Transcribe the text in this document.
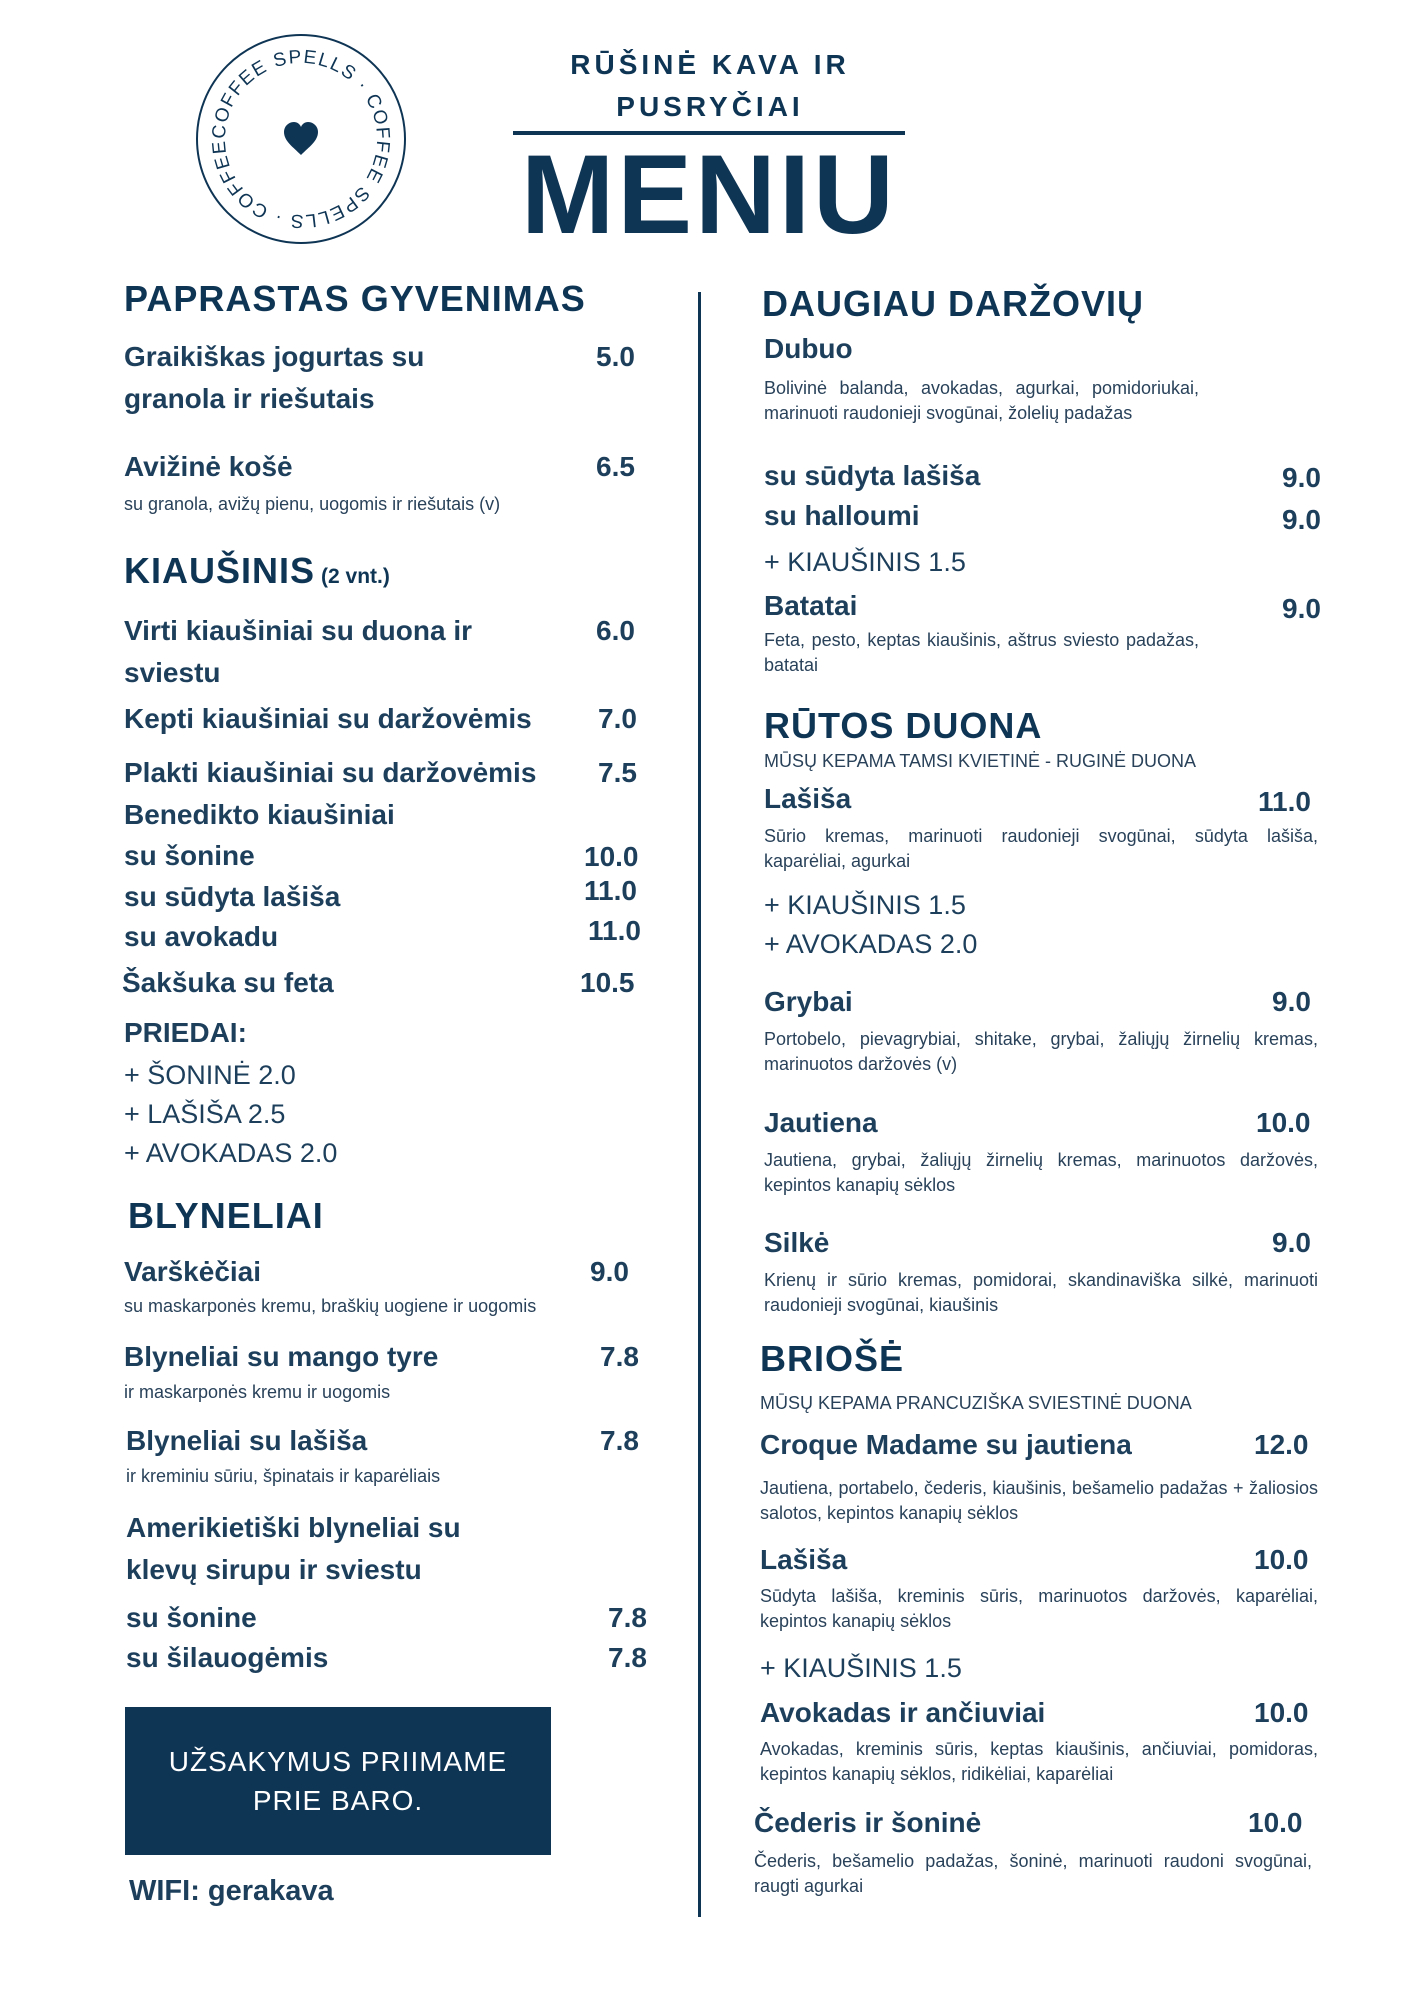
COFFEE SPELLS · COFFEE SPELLS · COFFEE
RŪŠINĖ KAVA IR
PUSRYČIAI
MENIU
PAPRASTAS GYVENIMAS
Graikiškas jogurtas su
granola ir riešutais
5.0
Avižinė košė	6.5
su granola, avižų pienu, uogomis ir riešutais (v)
KIAUŠINIS (2 vnt.)
Virti kiaušiniai su duona ir
sviestu
6.0
Kepti kiaušiniai su daržovėmis 7.0
Plakti kiaušiniai su daržovėmis 7.5
Benedikto kiaušiniai
su šonine	10.0
su sūdyta lašiša	11.0
su avokadu	11.0
Šakšuka su feta	10.5
PRIEDAI:
+ ŠONINĖ 2.0
+ LAŠIŠA 2.5
+ AVOKADAS 2.0
BLYNELIAI
Varškėčiai	9.0
su maskarponės kremu, braškių uogiene ir uogomis
Blyneliai su mango tyre	7.8
ir maskarponės kremu ir uogomis
Blyneliai su lašiša	7.8
ir kreminiu sūriu, špinatais ir kaparėliais
Amerikietiški blyneliai su
klevų sirupu ir sviestu
su šonine	7.8
su šilauogėmis	7.8
UŽSAKYMUS PRIIMAME
PRIE BARO.
WIFI: gerakava
DAUGIAU DARŽOVIŲ
Dubuo
Bolivinė balanda, avokadas, agurkai, pomidoriukai, marinuoti raudonieji svogūnai, žolelių padažas
su sūdyta lašiša	9.0
su halloumi	9.0
+ KIAUŠINIS 1.5
Batatai	9.0
Feta, pesto, keptas kiaušinis, aštrus sviesto padažas, batatai
RŪTOS DUONA
MŪSŲ KEPAMA TAMSI KVIETINĖ - RUGINĖ DUONA
Lašiša	11.0
Sūrio kremas, marinuoti raudonieji svogūnai, sūdyta lašiša, kaparėliai, agurkai
+ KIAUŠINIS 1.5
+ AVOKADAS 2.0
Grybai	9.0
Portobelo, pievagrybiai, shitake, grybai, žaliųjų žirnelių kremas, marinuotos daržovės (v)
Jautiena	10.0
Jautiena, grybai, žaliųjų žirnelių kremas, marinuotos daržovės, kepintos kanapių sėklos
Silkė	9.0
Krienų ir sūrio kremas, pomidorai, skandinaviška silkė, marinuoti raudonieji svogūnai, kiaušinis
BRIOŠĖ
MŪSŲ KEPAMA PRANCUZIŠKA SVIESTINĖ DUONA
Croque Madame su jautiena	12.0
Jautiena, portabelo, čederis, kiaušinis, bešamelio padažas + žaliosios salotos, kepintos kanapių sėklos
Lašiša	10.0
Sūdyta lašiša, kreminis sūris, marinuotos daržovės, kaparėliai, kepintos kanapių sėklos
+ KIAUŠINIS 1.5
Avokadas ir ančiuviai	10.0
Avokadas, kreminis sūris, keptas kiaušinis, ančiuviai, pomidoras, kepintos kanapių sėklos, ridikėliai, kaparėliai
Čederis ir šoninė	10.0
Čederis, bešamelio padažas, šoninė, marinuoti raudoni svogūnai, raugti agurkai
